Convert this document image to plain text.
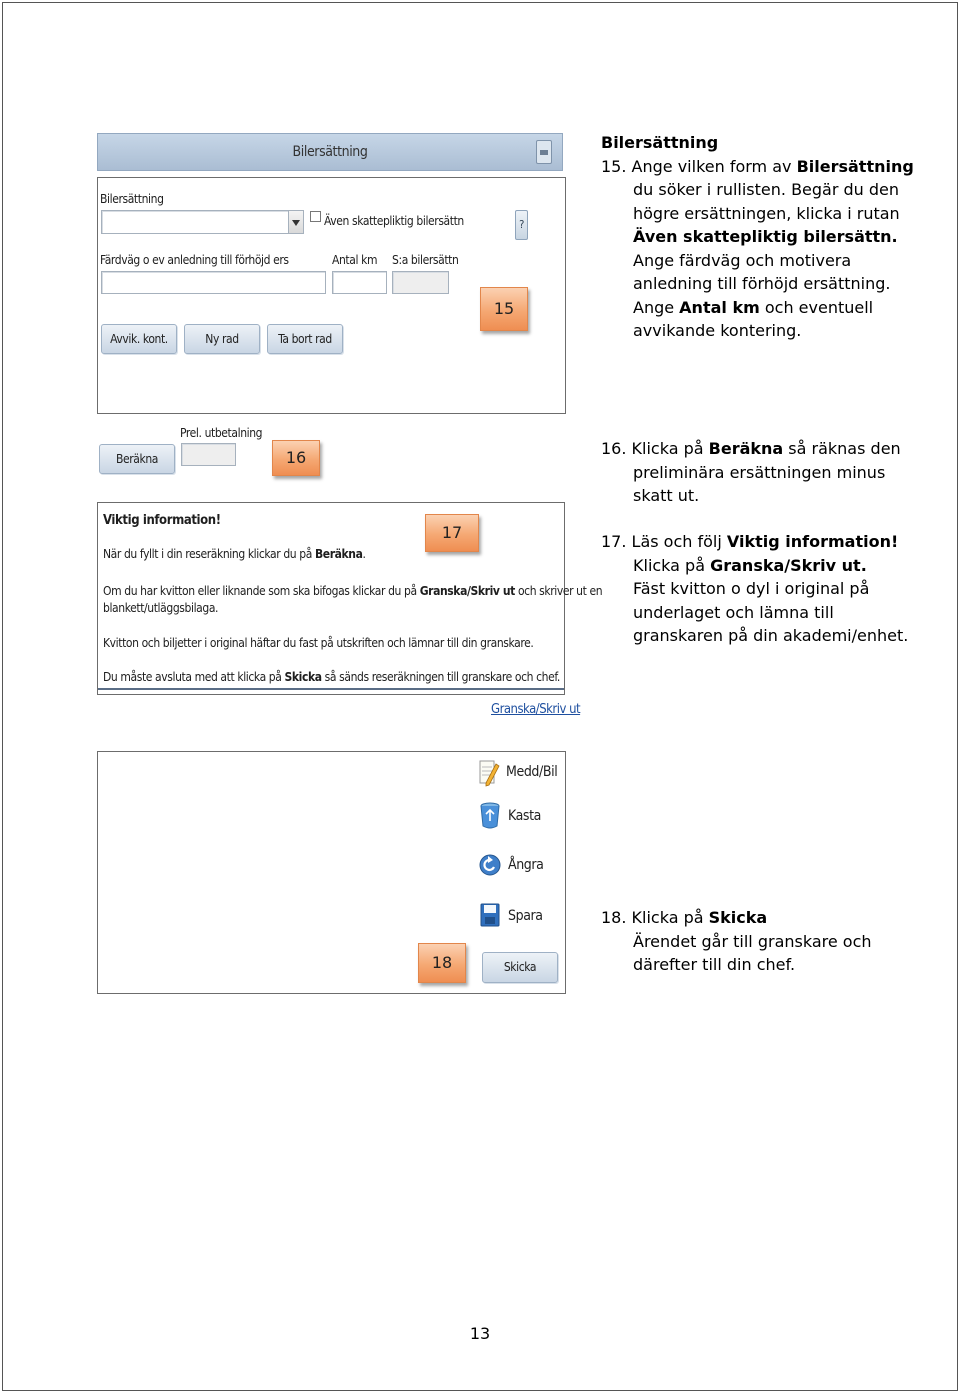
Bilersättning
Bilersättning
Även skattepliktig bilersättn	?
Färdväg o ev anledning till förhöjd ers	Antal km S:a bilersättn
Avvik. kont.	Ny rad	Ta bort rad
15
Bilersättning
15. Ange vilken form av Bilersättning
du söker i rullisten. Begär du den
högre ersättningen, klicka i rutan
Även skattepliktig bilersättn.
Ange färdväg och motivera
anledning till förhöjd ersättning.
Ange Antal km och eventuell
avvikande kontering.
Beräkna
Prel. utbetalning
16
Viktig information!
När du fyllt i din reseräkning klickar du på Beräkna.
Om du har kvitton eller liknande som ska bifogas klickar du på Granska/Skriv ut och skriver ut en
blankett/utläggsbilaga.
Kvitton och biljetter i original häftar du fast på utskriften och lämnar till din granskare.
Du måste avsluta med att klicka på Skicka så sänds reseräkningen till granskare och chef.
17
Granska/Skriv ut
16. Klicka på Beräkna så räknas den
preliminära ersättningen minus
skatt ut.
17. Läs och följ Viktig information!
Klicka på Granska/Skriv ut.
Fäst kvitton o dyl i original på
underlaget och lämna till
granskaren på din akademi/enhet.
Medd/Bil
Kasta
Ångra
Spara
Skicka
18
18. Klicka på Skicka
Ärendet går till granskare och
därefter till din chef.
13
